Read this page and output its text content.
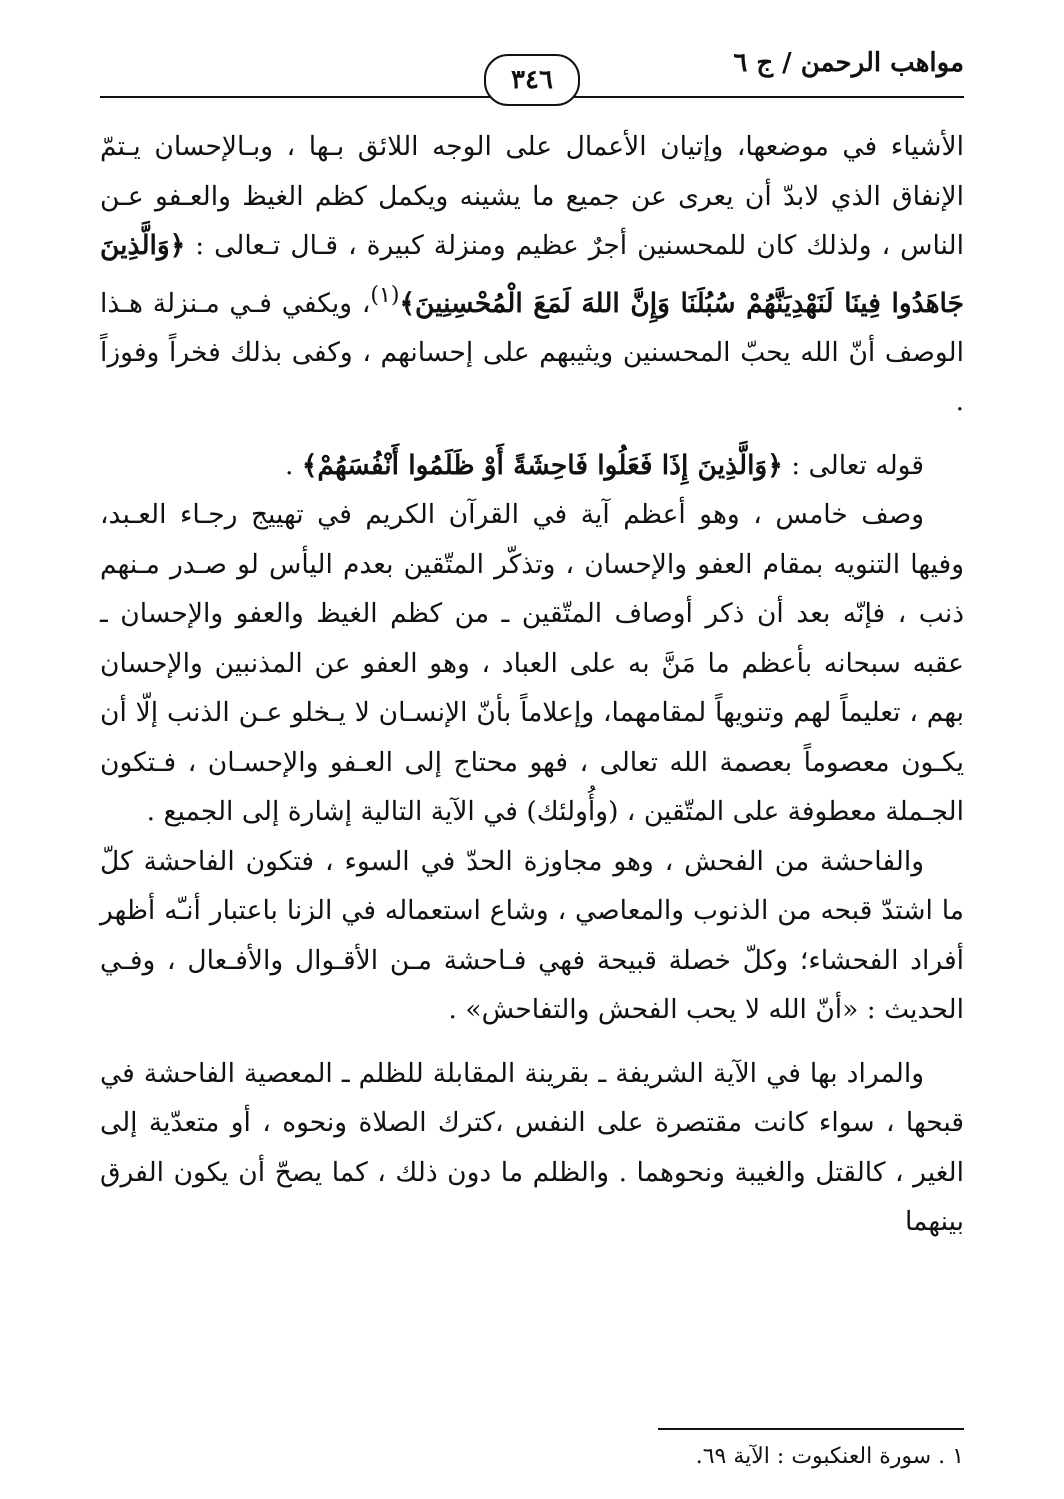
مواهب الرحمن / ج ٦
٣٤٦

الأشياء في موضعها، وإتيان الأعمال على الوجه اللائق بـها ، وبـالإحسان يـتمّ الإنفاق الذي لابدّ أن يعرى عن جميع ما يشينه ويكمل كظم الغيظ والعـفو عـن الناس ، ولذلك كان للمحسنين أجرٌ عظيم ومنزلة كبيرة ، قـال تـعالى : ﴿وَالَّذِينَ جَاهَدُوا فِينَا لَنَهْدِيَنَّهُمْ سُبُلَنَا وَإِنَّ اللهَ لَمَعَ الْمُحْسِنِينَ﴾$^{(١)}$، ويكفي فـي مـنزلة هـذا الوصف أنّ الله يحبّ المحسنين ويثيبهم على إحسانهم ، وكفى بذلك فخراً وفوزاً .

قوله تعالى : ﴿وَالَّذِينَ إِذَا فَعَلُوا فَاحِشَةً أَوْ ظَلَمُوا أَنْفُسَهُمْ﴾ .

وصف خامس ، وهو أعظم آية في القرآن الكريم في تهييج رجـاء العـبد، وفيها التنويه بمقام العفو والإحسان ، وتذكّر المتّقين بعدم اليأس لو صـدر مـنهم ذنب ، فإنّه بعد أن ذكر أوصاف المتّقين ـ من كظم الغيظ والعفو والإحسان ـ عقبه سبحانه بأعظم ما مَنَّ به على العباد ، وهو العفو عن المذنبين والإحسان بهم ، تعليماً لهم وتنويهاً لمقامهما، وإعلاماً بأنّ الإنسـان لا يـخلو عـن الذنب إلّا أن يكـون معصوماً بعصمة الله تعالى ، فهو محتاج إلى العـفو والإحسـان ، فـتكون الجـملة معطوفة على المتّقين ، (وأُولئك) في الآية التالية إشارة إلى الجميع .

والفاحشة من الفحش ، وهو مجاوزة الحدّ في السوء ، فتكون الفاحشة كلّ ما اشتدّ قبحه من الذنوب والمعاصي ، وشاع استعماله في الزنا باعتبار أنـّه أظهر أفراد الفحشاء؛ وكلّ خصلة قبيحة فهي فـاحشة مـن الأقـوال والأفـعال ، وفـي الحديث : «أنّ الله لا يحب الفحش والتفاحش» .

والمراد بها في الآية الشريفة ـ بقرينة المقابلة للظلم ـ المعصية الفاحشة في قبحها ، سواء كانت مقتصرة على النفس ،كترك الصلاة ونحوه ، أو متعدّية إلى الغير ، كالقتل والغيبة ونحوهما . والظلم ما دون ذلك ، كما يصحّ أن يكون الفرق بينهما

١ . سورة العنكبوت : الآية ٦٩.
